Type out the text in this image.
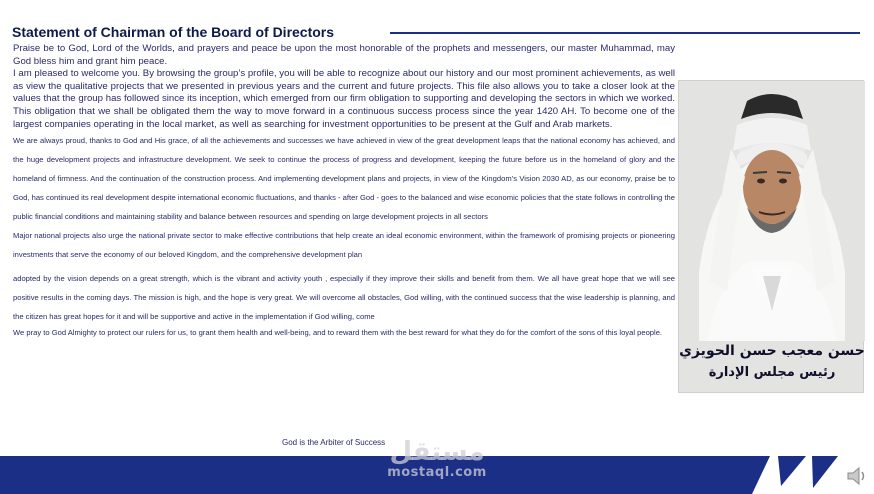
Statement of Chairman of the Board of Directors

Praise be to God, Lord of the Worlds, and prayers and peace be upon the most honorable of the prophets and messengers, our master Muhammad, may God bless him and grant him peace.

I am pleased to welcome you. By browsing the group’s profile, you will be able to recognize about our history and our most prominent achievements, as well as view the qualitative projects that we presented in previous years and the current and future projects. This file also allows you to take a closer look at the values that the group has followed since its inception, which emerged from our firm obligation to supporting and developing the sectors in which we worked. This obligation that we shall be obligated them the way to move forward in a continuous success process since the year 1420 AH. To become one of the largest companies operating in the local market, as well as searching for investment opportunities to be present at the Gulf and Arab markets.

We are always proud, thanks to God and His grace, of all the achievements and successes we have achieved in view of the great development leaps that the national economy has achieved, and the huge development projects and infrastructure development. We seek to continue the process of progress and development, keeping the future before us in the homeland of glory and the homeland of firmness. And the continuation of the construction process. And implementing development plans and projects, in view of the Kingdom’s Vision 2030 AD, as our economy, praise be to God, has continued its real development despite international economic fluctuations, and thanks - after God - goes to the balanced and wise economic policies that the state follows in controlling the public financial conditions and maintaining stability and balance between resources and spending on large development projects in all sectors

Major national projects also urge the national private sector to make effective contributions that help create an ideal economic environment, within the framework of promising projects or pioneering investments that serve the economy of our beloved Kingdom, and the comprehensive development plan

adopted by the vision depends on a great strength, which is the vibrant and activity youth , especially if they improve their skills and benefit from them. We all have great hope that we will see positive results in the coming days. The mission is high, and the hope is very great. We will overcome all obstacles, God willing, with the continued success that the wise leadership is planning, and the citizen has great hopes for it and will be supportive and active in the implementation if God willing, come

We pray to God Almighty to protect our rulers for us, to grant them health and well-being, and to reward them with the best reward for what they do for the comfort of the sons of this loyal people.

God is the Arbiter of Success
حسن معجب حسن الحويزي
رئيس مجلس الإدارة
مستقل
mostaql.com
